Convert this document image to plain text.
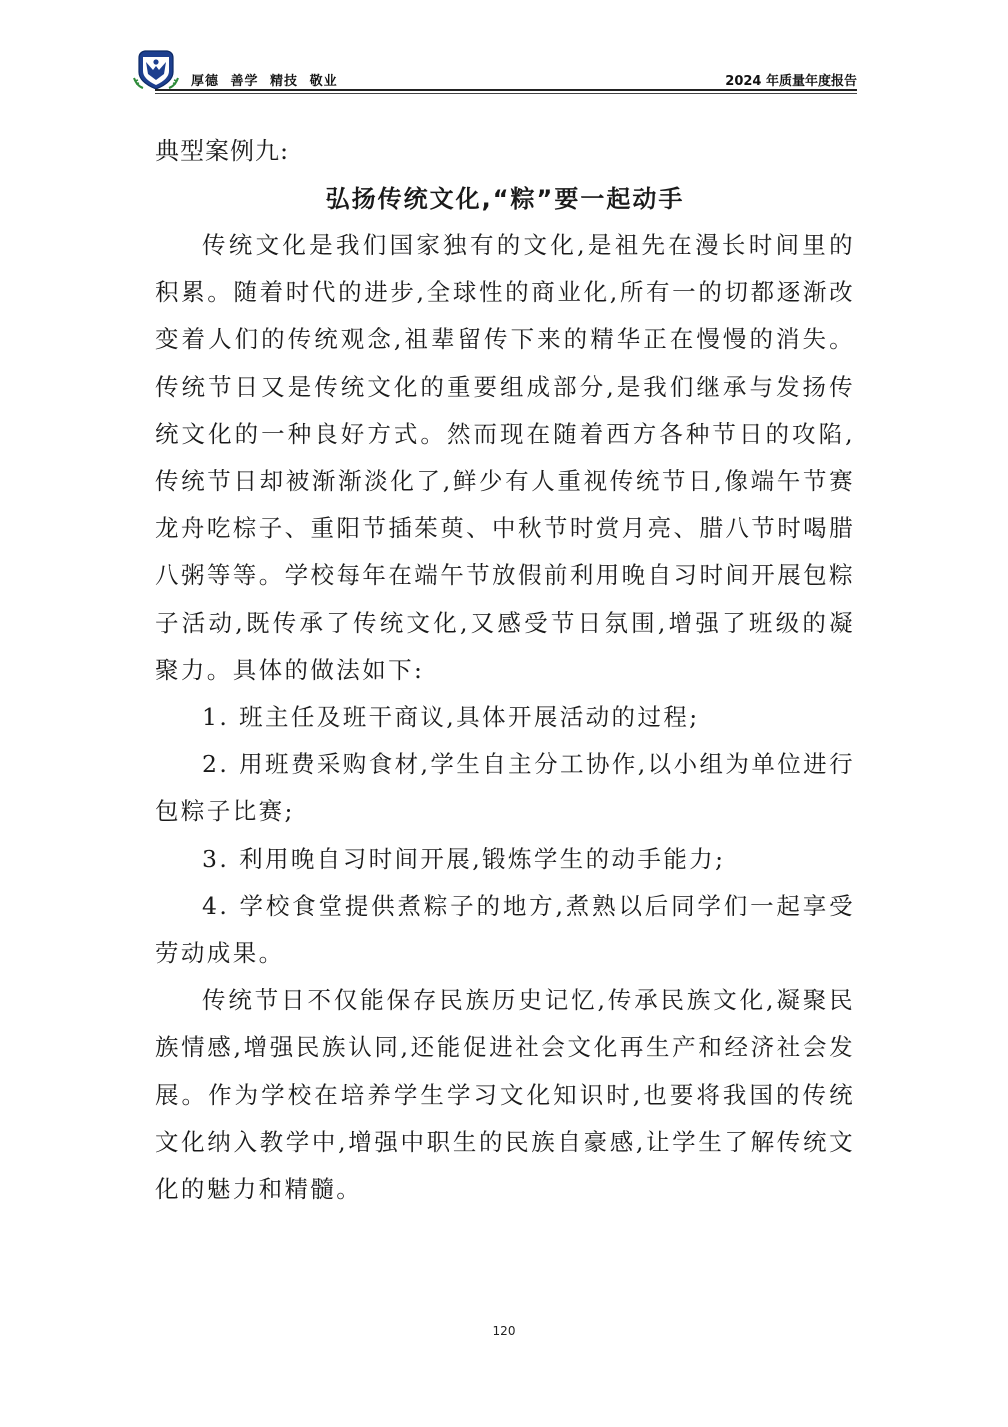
厚德 善学 精技 敬业	2024 年质量年度报告

典型案例九:

弘扬传统文化,“粽”要一起动手

传统文化是我们国家独有的文化,是祖先在漫长时间里的积累。随着时代的进步,全球性的商业化,所有一的切都逐渐改变着人们的传统观念,祖辈留传下来的精华正在慢慢的消失。传统节日又是传统文化的重要组成部分,是我们继承与发扬传统文化的一种良好方式。然而现在随着西方各种节日的攻陷,传统节日却被渐渐淡化了,鲜少有人重视传统节日,像端午节赛龙舟吃棕子、重阳节插茱萸、中秋节时赏月亮、腊八节时喝腊八粥等等。学校每年在端午节放假前利用晚自习时间开展包粽子活动,既传承了传统文化,又感受节日氛围,增强了班级的凝聚力。具体的做法如下:

1. 班主任及班干商议,具体开展活动的过程;

2. 用班费采购食材,学生自主分工协作,以小组为单位进行包粽子比赛;

3. 利用晚自习时间开展,锻炼学生的动手能力;

4. 学校食堂提供煮粽子的地方,煮熟以后同学们一起享受劳动成果。

传统节日不仅能保存民族历史记忆,传承民族文化,凝聚民族情感,增强民族认同,还能促进社会文化再生产和经济社会发展。作为学校在培养学生学习文化知识时,也要将我国的传统文化纳入教学中,增强中职生的民族自豪感,让学生了解传统文化的魅力和精髓。

120
